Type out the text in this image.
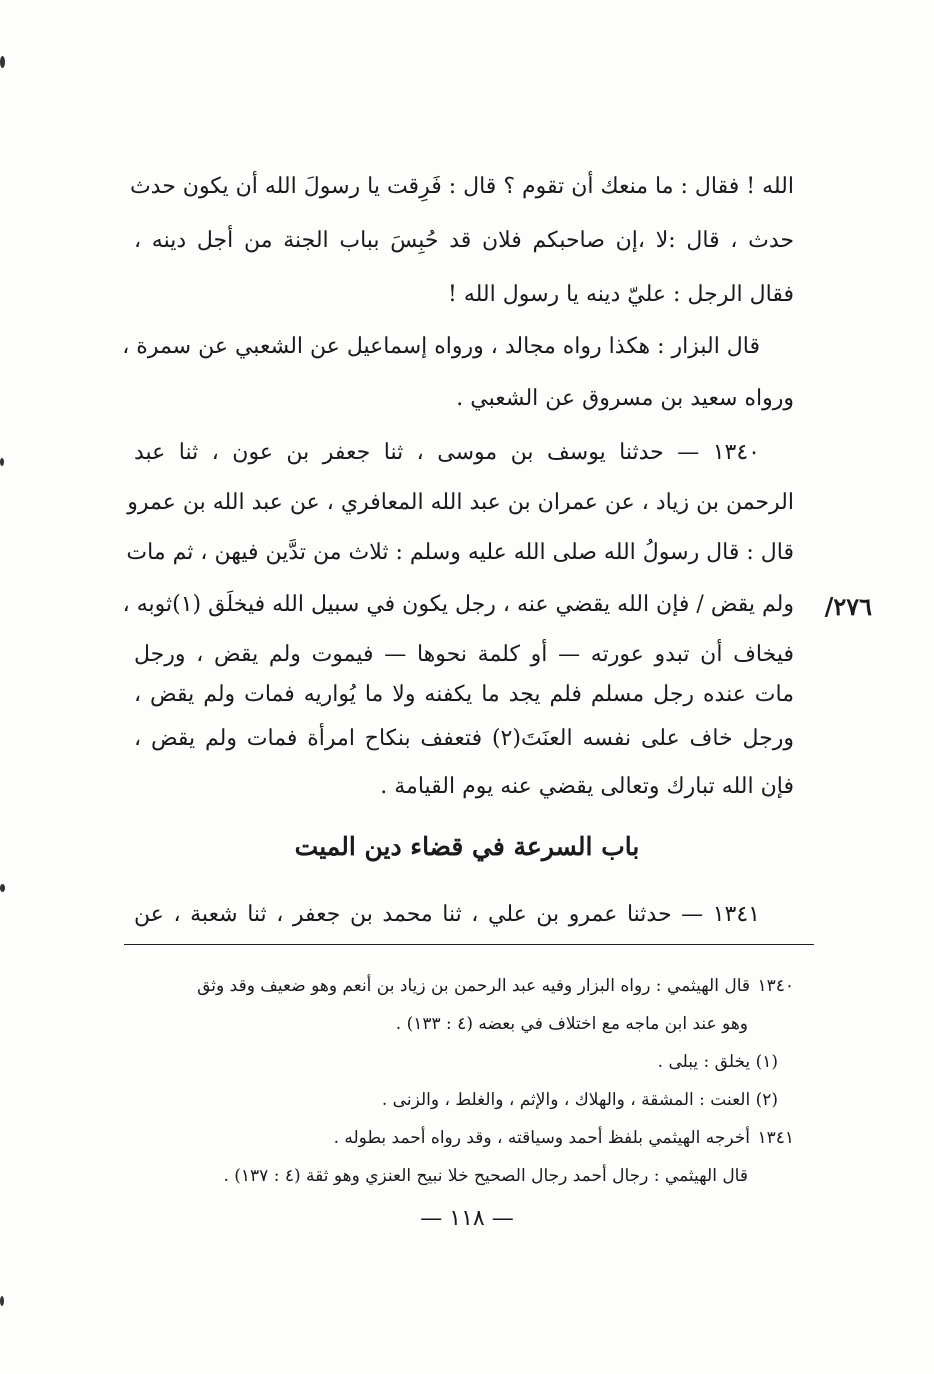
الله ! فقال : ما منعك أن تقوم ؟ قال : فَرِقت يا رسولَ الله أن يكون حدث
حدث ، قال :لا ،إن صاحبكم فلان قد حُبِسَ بباب الجنة من أجل دينه ،
فقال الرجل : عليّ دينه يا رسول الله !
قال البزار : هكذا رواه مجالد ، ورواه إسماعيل عن الشعبي عن سمرة ،
ورواه سعيد بن مسروق عن الشعبي .
١٣٤٠ — حدثنا يوسف بن موسى ، ثنا جعفر بن عون ، ثنا عبد
الرحمن بن زياد ، عن عمران بن عبد الله المعافري ، عن عبد الله بن عمرو
قال : قال رسولُ الله صلى الله عليه وسلم : ثلاث من تدَّين فيهن ، ثم مات
ولم يقض / فإن الله يقضي عنه ، رجل يكون في سبيل الله فيخلَق (١)ثوبه ،
فيخاف أن تبدو عورته — أو كلمة نحوها — فيموت ولم يقض ، ورجل
مات عنده رجل مسلم فلم يجد ما يكفنه ولا ما يُواريه فمات ولم يقض ،
ورجل خاف على نفسه العنَتَ(٢) فتعفف بنكاح امرأة فمات ولم يقض ،
فإن الله تبارك وتعالى يقضي عنه يوم القيامة .
٢٧٦/
باب السرعة في قضاء دين الميت
١٣٤١ — حدثنا عمرو بن علي ، ثنا محمد بن جعفر ، ثنا شعبة ، عن
١٣٤٠
قال الهيثمي : رواه البزار وفيه عبد الرحمن بن زياد بن أنعم وهو ضعيف وقد وثق
وهو عند ابن ماجه مع اختلاف في بعضه (٤ : ١٣٣) .
(١) يخلق : يبلى .
(٢) العنت : المشقة ، والهلاك ، والإثم ، والغلط ، والزنى .
١٣٤١
أخرجه الهيثمي بلفظ أحمد وسياقته ، وقد رواه أحمد بطوله .
قال الهيثمي : رجال أحمد رجال الصحيح خلا نبيح العنزي وهو ثقة (٤ : ١٣٧) .
— ١١٨ —
